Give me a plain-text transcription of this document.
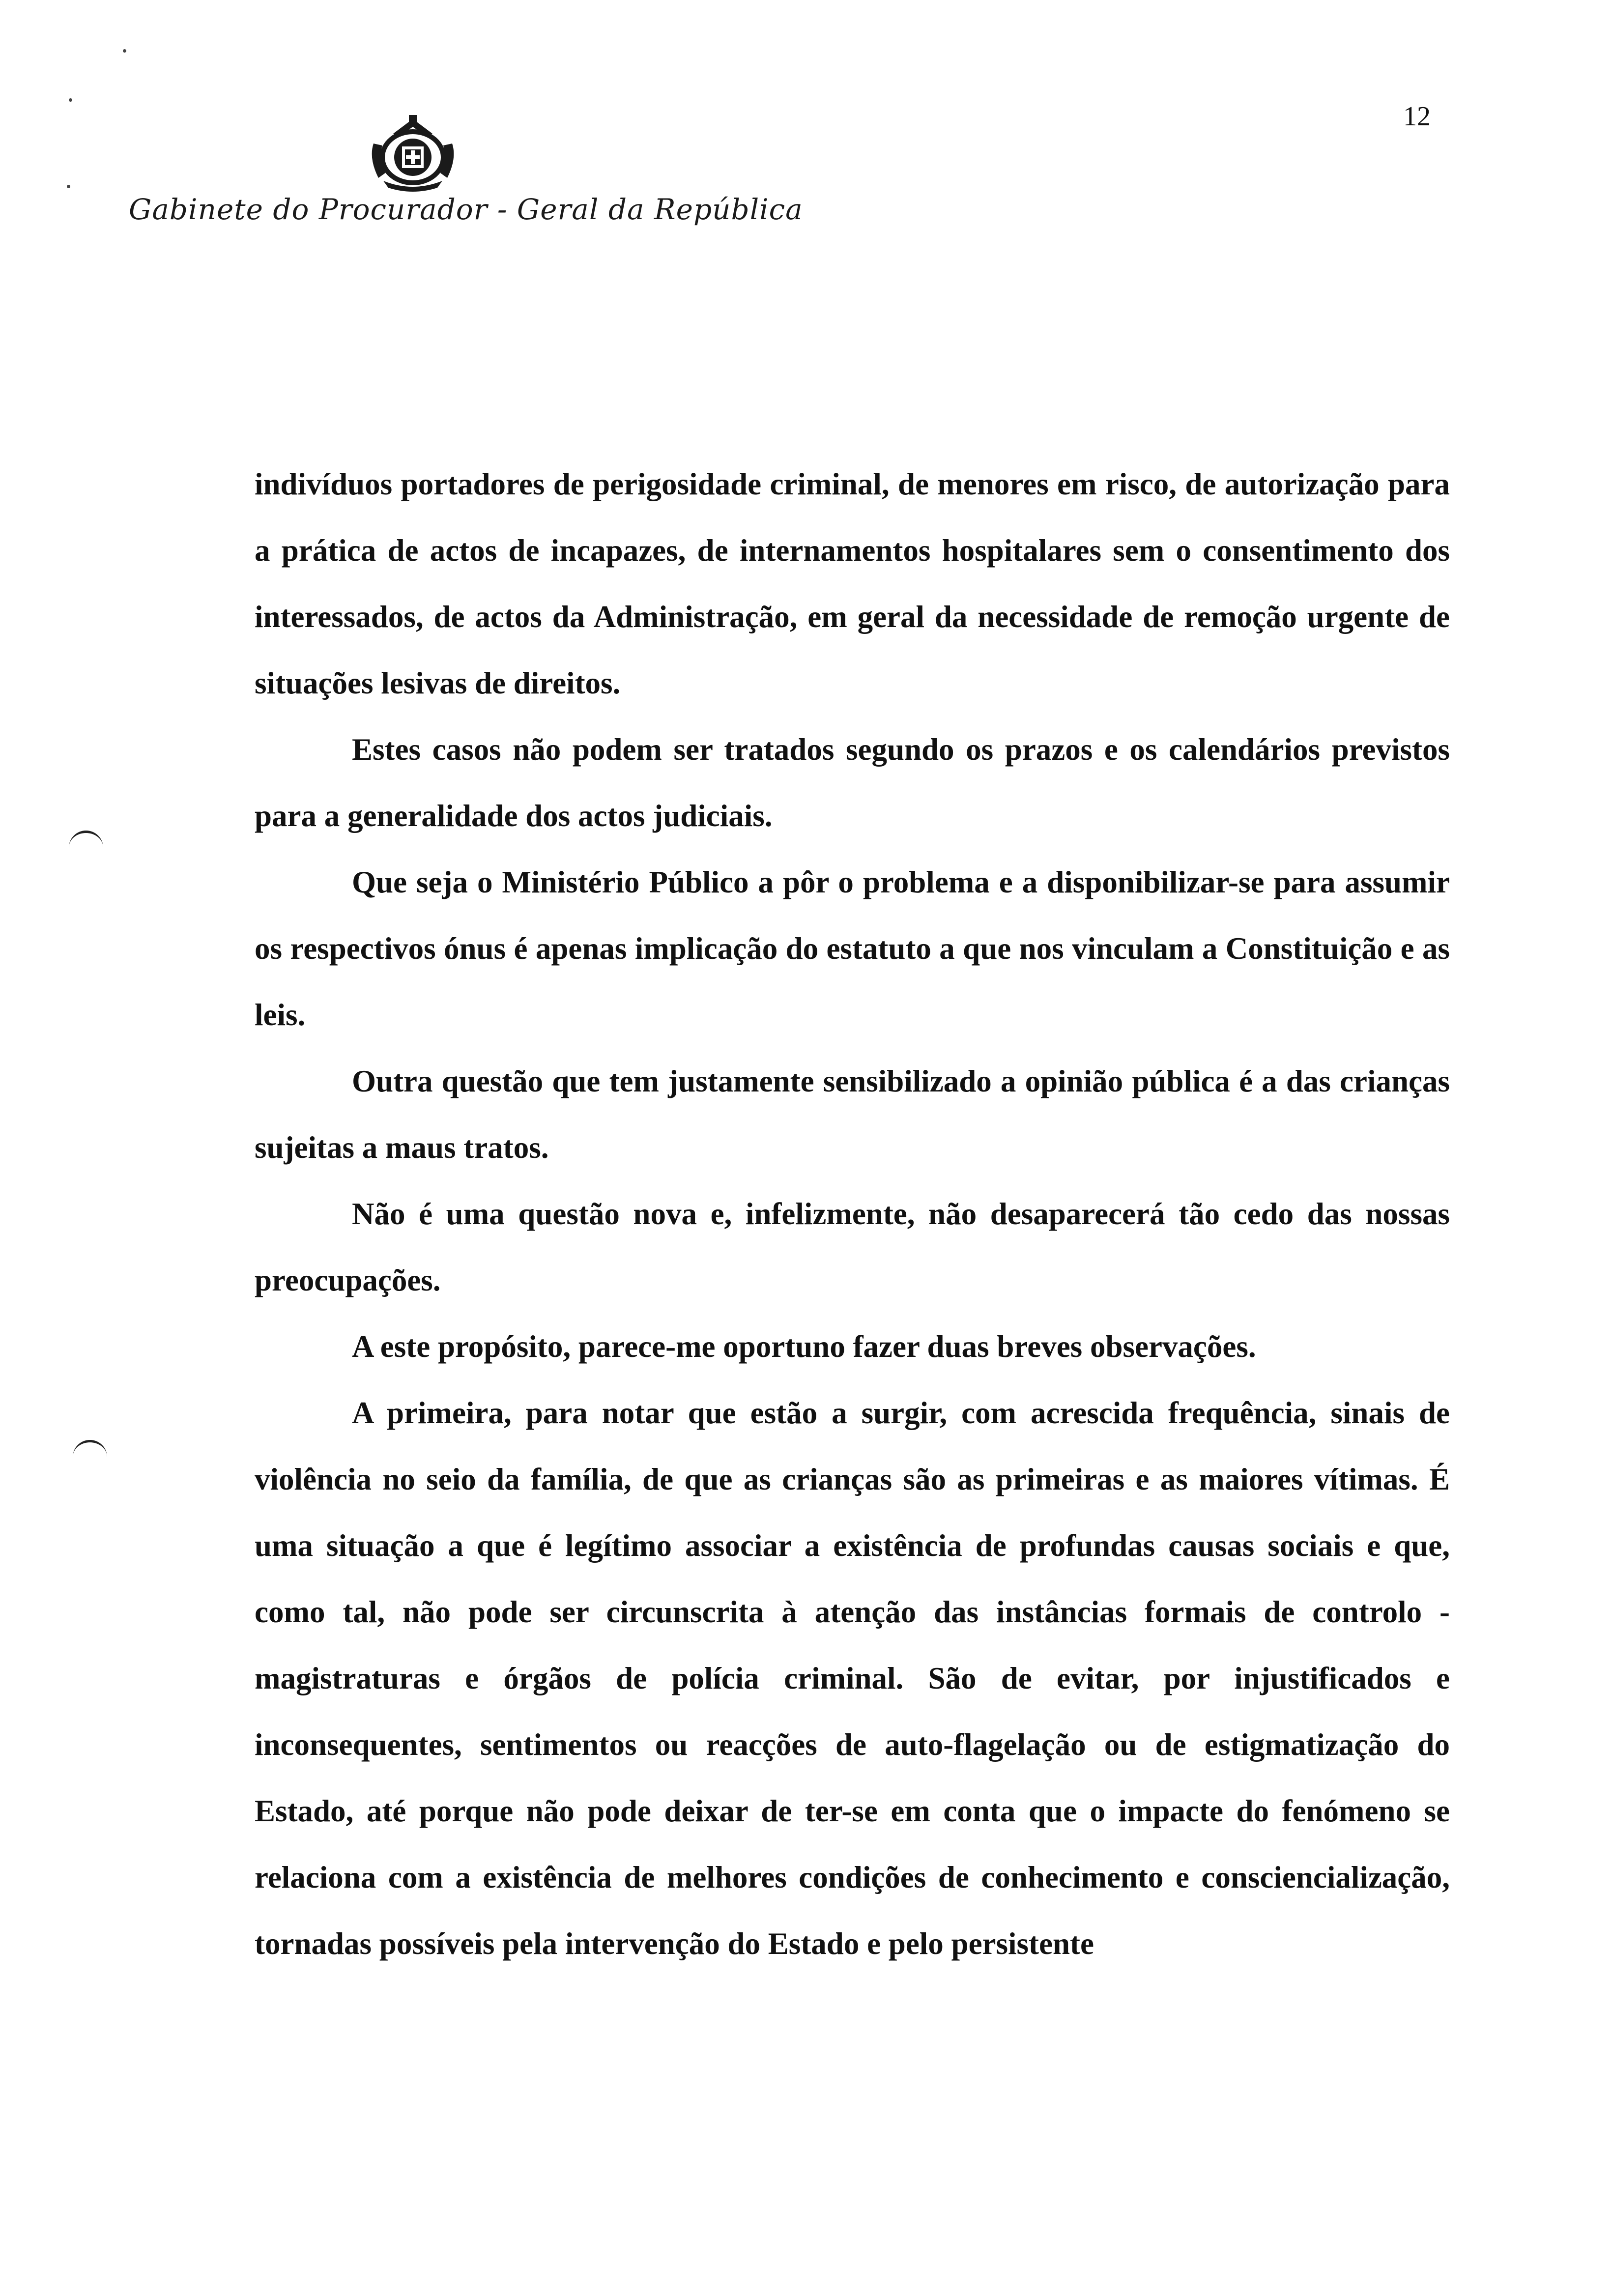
12
Gabinete do Procurador - Geral da República

indivíduos portadores de perigosidade criminal, de menores em risco, de autorização para a prática de actos de incapazes, de internamentos hospitalares sem o consentimento dos interessados, de actos da Administração, em geral da necessidade de remoção urgente de situações lesivas de direitos.

Estes casos não podem ser tratados segundo os prazos e os calendários previstos para a generalidade dos actos judiciais.

Que seja o Ministério Público a pôr o problema e a disponibilizar-se para assumir os respectivos ónus é apenas implicação do estatuto a que nos vinculam a Constituição e as leis.

Outra questão que tem justamente sensibilizado a opinião pública é a das crianças sujeitas a maus tratos.

Não é uma questão nova e, infelizmente, não desaparecerá tão cedo das nossas preocupações.

A este propósito, parece-me oportuno fazer duas breves observações.

A primeira, para notar que estão a surgir, com acrescida frequência, sinais de violência no seio da família, de que as crianças são as primeiras e as maiores vítimas. É uma situação a que é legítimo associar a existência de profundas causas sociais e que, como tal, não pode ser circunscrita à atenção das instâncias formais de controlo - magistraturas e órgãos de polícia criminal. São de evitar, por injustificados e inconsequentes, sentimentos ou reacções de auto-flagelação ou de estigmatização do Estado, até porque não pode deixar de ter-se em conta que o impacte do fenómeno se relaciona com a existência de melhores condições de conhecimento e consciencialização, tornadas possíveis pela intervenção do Estado e pelo persistente
